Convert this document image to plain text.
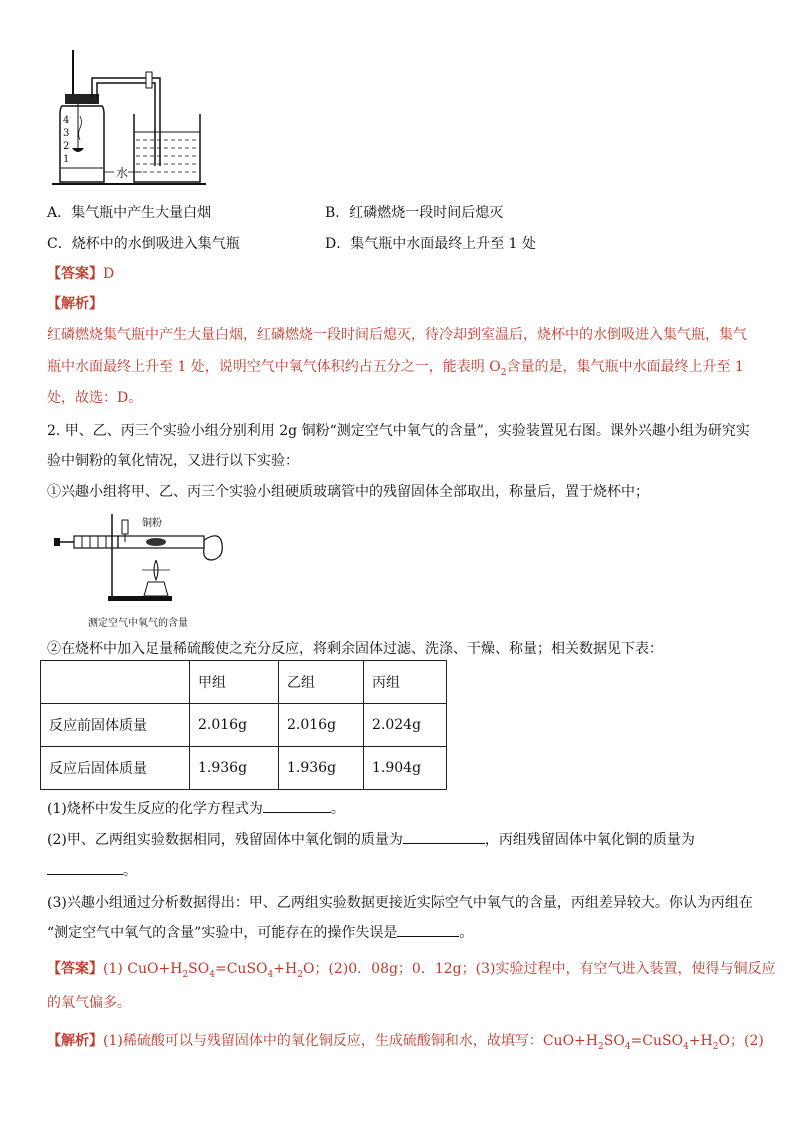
4
3
2
1
水
A．集气瓶中产生大量白烟	B．红磷燃烧一段时间后熄灭
C．烧杯中的水倒吸进入集气瓶	D．集气瓶中水面最终上升至 1 处
【答案】D
【解析】
红磷燃烧集气瓶中产生大量白烟，红磷燃烧一段时间后熄灭，待冷却到室温后，烧杯中的水倒吸进入集气瓶，集气
瓶中水面最终上升至 1 处，说明空气中氧气体积约占五分之一，能表明 $O_2$含量的是，集气瓶中水面最终上升至 1
处，故选：D。
2. 甲、乙、丙三个实验小组分别利用 2g 铜粉“测定空气中氧气的含量”，实验装置见右图。课外兴趣小组为研究实
验中铜粉的氧化情况，又进行以下实验：
①兴趣小组将甲、乙、丙三个实验小组硬质玻璃管中的残留固体全部取出，称量后，置于烧杯中；
铜粉
测定空气中氧气的含量
②在烧杯中加入足量稀硫酸使之充分反应，将剩余固体过滤、洗涤、干燥、称量；相关数据见下表：
	甲组	乙组	丙组
反应前固体质量	2.016g	2.016g	2.024g
反应后固体质量	1.936g	1.936g	1.904g
(1)烧杯中发生反应的化学方程式为	。
(2)甲、乙两组实验数据相同，残留固体中氧化铜的质量为	，丙组残留固体中氧化铜的质量为
。
(3)兴趣小组通过分析数据得出：甲、乙两组实验数据更接近实际空气中氧气的含量，丙组差异较大。你认为丙组在
“测定空气中氧气的含量”实验中，可能存在的操作失误是	。
【答案】(1) $CuO+H_2SO_4=CuSO_4+H_2O$；(2)0．08g；0．12g；(3)实验过程中，有空气进入装置，使得与铜反应
的氧气偏多。
【解析】(1)稀硫酸可以与残留固体中的氧化铜反应，生成硫酸铜和水，故填写：$CuO+H_2SO_4=CuSO_4+H_2O$；(2)
